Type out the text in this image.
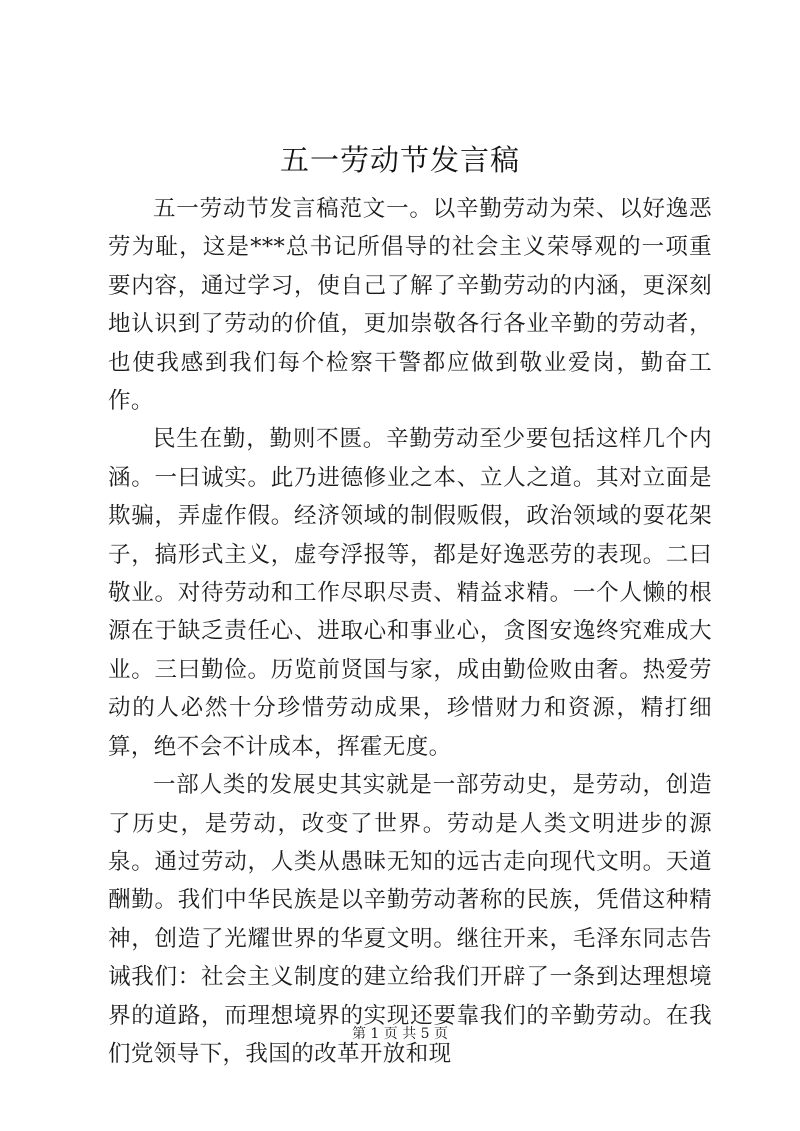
五一劳动节发言稿

五一劳动节发言稿范文一。以辛勤劳动为荣、以好逸恶劳为耻，这是***总书记所倡导的社会主义荣辱观的一项重要内容，通过学习，使自己了解了辛勤劳动的内涵，更深刻地认识到了劳动的价值，更加崇敬各行各业辛勤的劳动者，也使我感到我们每个检察干警都应做到敬业爱岗，勤奋工作。

民生在勤，勤则不匮。辛勤劳动至少要包括这样几个内涵。一曰诚实。此乃进德修业之本、立人之道。其对立面是欺骗，弄虚作假。经济领域的制假贩假，政治领域的耍花架子，搞形式主义，虚夸浮报等，都是好逸恶劳的表现。二曰敬业。对待劳动和工作尽职尽责、精益求精。一个人懒的根源在于缺乏责任心、进取心和事业心，贪图安逸终究难成大业。三曰勤俭。历览前贤国与家，成由勤俭败由奢。热爱劳动的人必然十分珍惜劳动成果，珍惜财力和资源，精打细算，绝不会不计成本，挥霍无度。

一部人类的发展史其实就是一部劳动史，是劳动，创造了历史，是劳动，改变了世界。劳动是人类文明进步的源泉。通过劳动，人类从愚昧无知的远古走向现代文明。天道酬勤。我们中华民族是以辛勤劳动著称的民族，凭借这种精神，创造了光耀世界的华夏文明。继往开来，毛泽东同志告诫我们：社会主义制度的建立给我们开辟了一条到达理想境界的道路，而理想境界的实现还要靠我们的辛勤劳动。在我们党领导下，我国的改革开放和现

第 1 页 共 5 页
